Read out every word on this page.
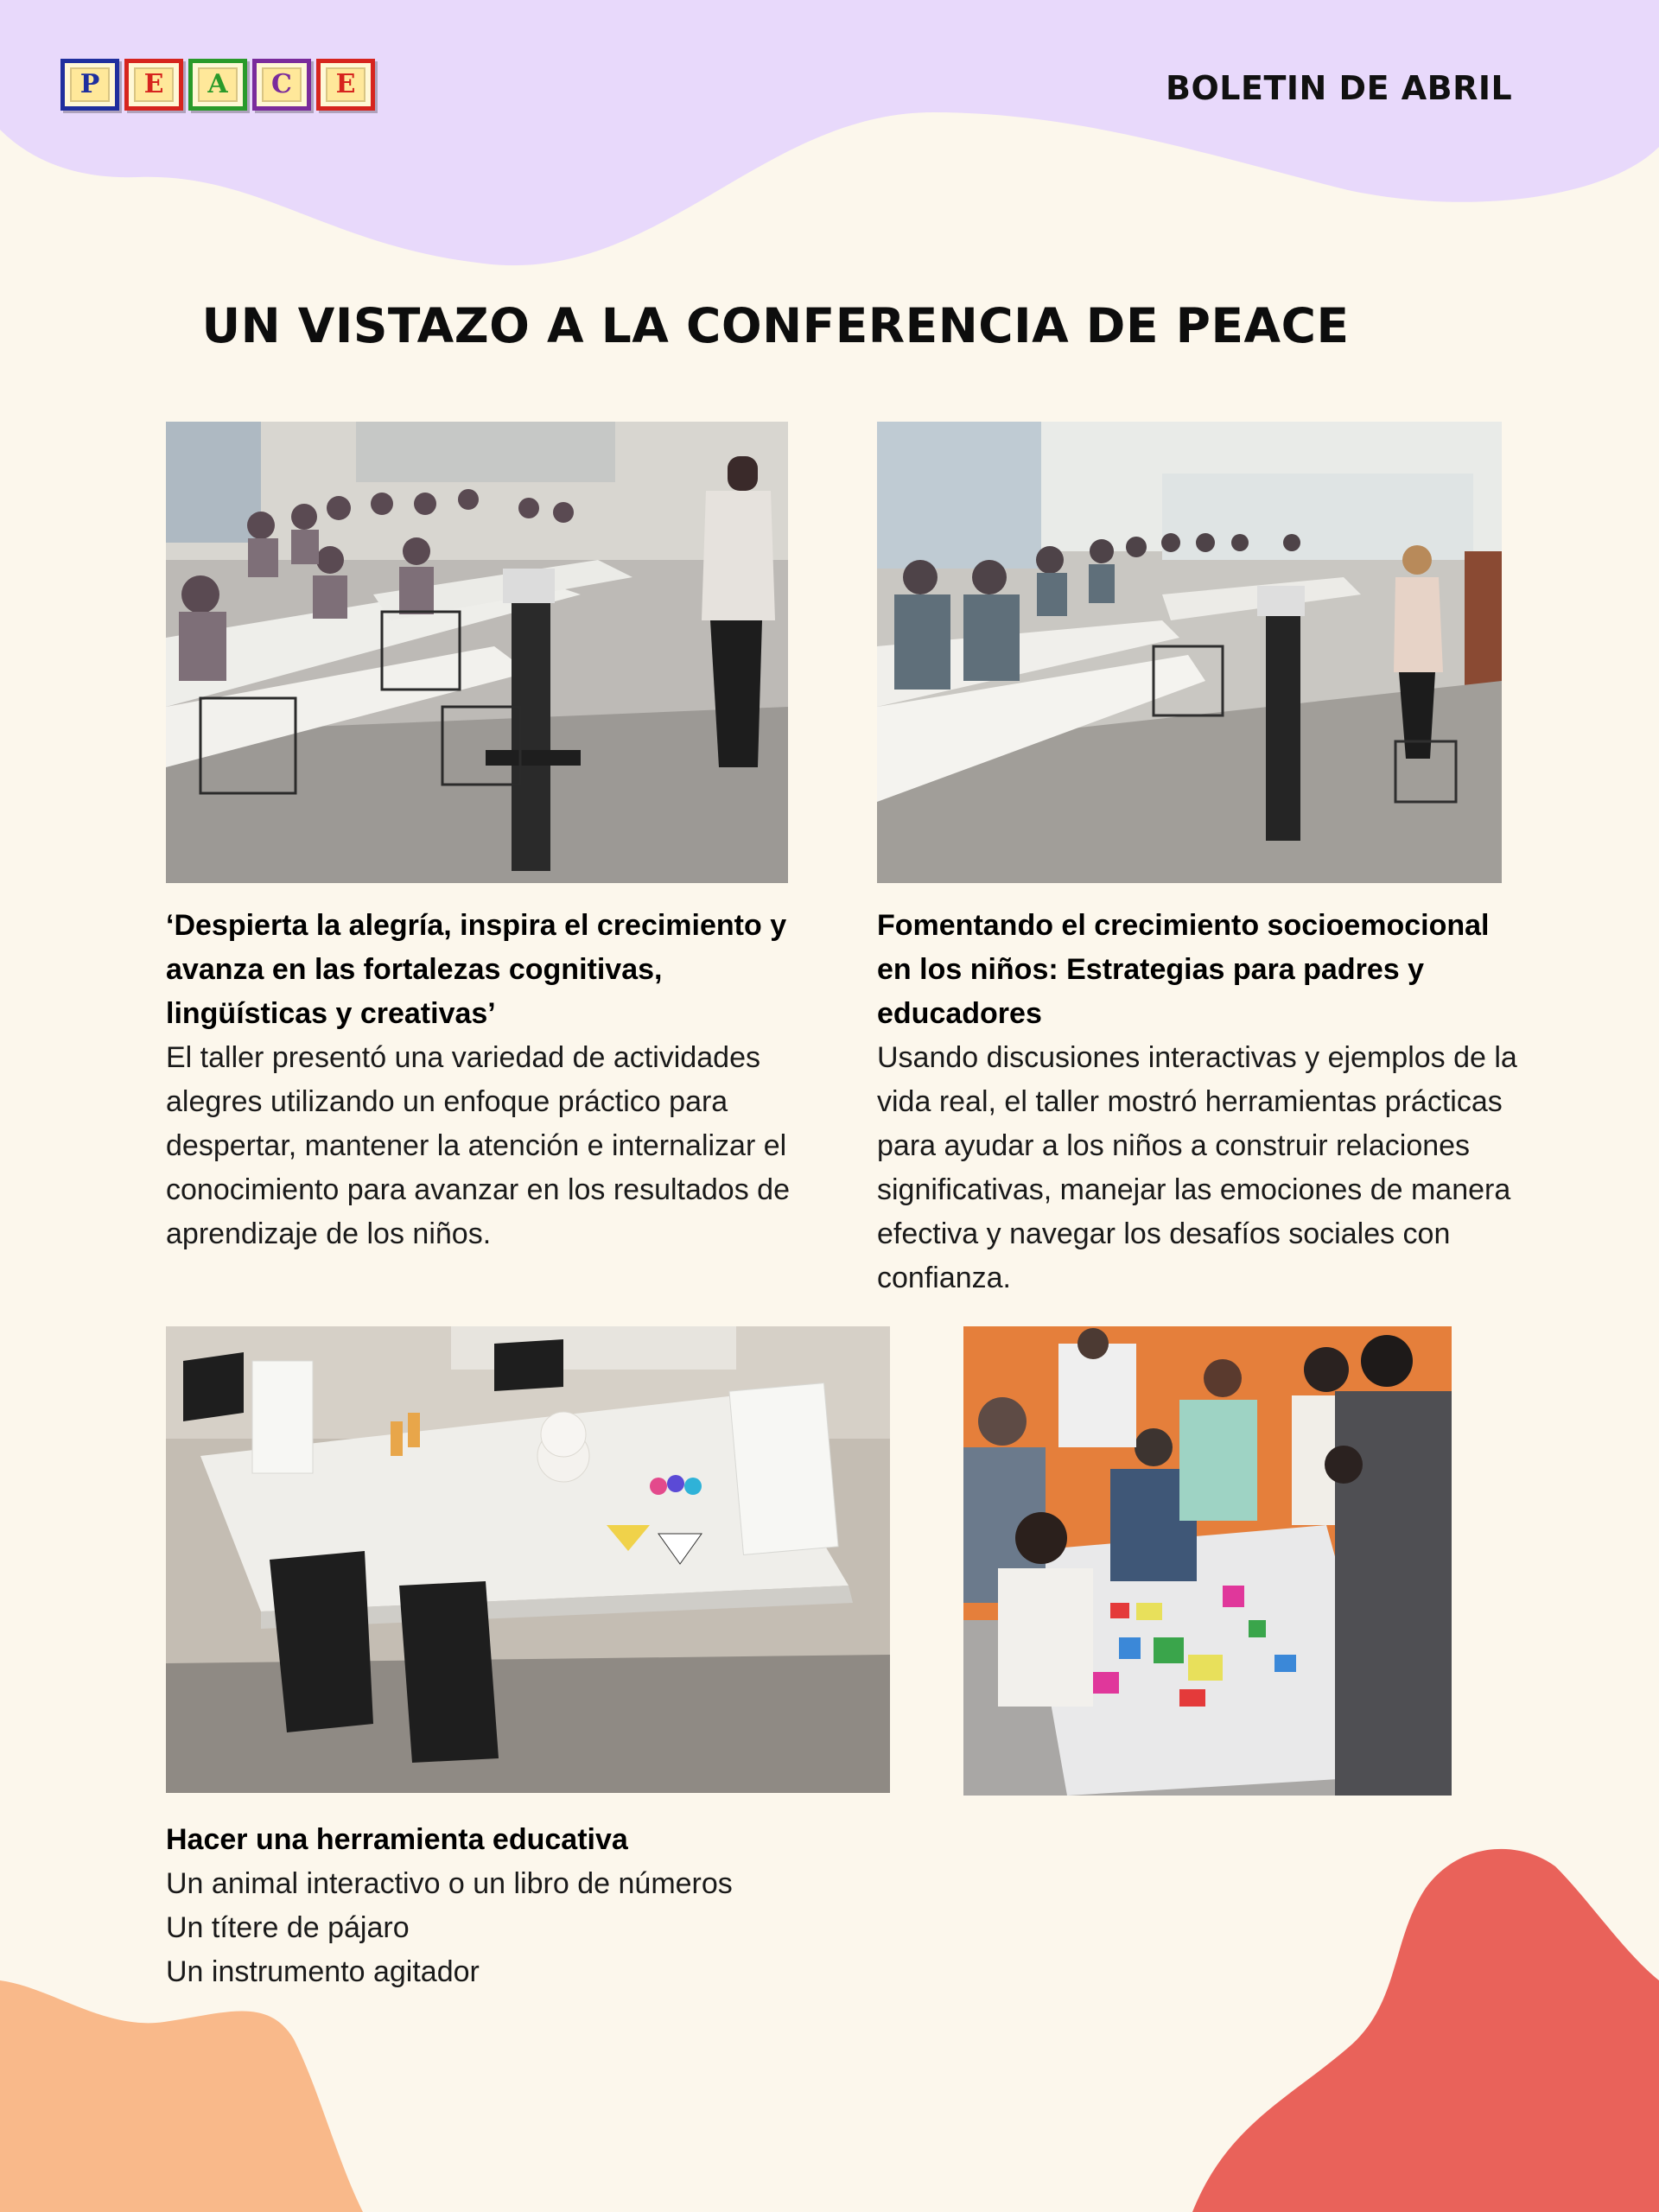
P	E	A	C	E	BOLETIN DE ABRIL
UN VISTAZO A LA CONFERENCIA DE PEACE
‘Despierta la alegría, inspira el crecimiento y avanza en las fortalezas cognitivas, lingüísticas y creativas’

El taller presentó una variedad de actividades alegres utilizando un enfoque práctico para despertar, mantener la atención e internalizar el conocimiento para avanzar en los resultados de aprendizaje de los niños.

Fomentando el crecimiento socioemocional en los niños: Estrategias para padres y educadores

Usando discusiones interactivas y ejemplos de la vida real, el taller mostró herramientas prácticas para ayudar a los niños a construir relaciones significativas, manejar las emociones de manera efectiva y navegar los desafíos sociales con confianza.

Hacer una herramienta educativa

Un animal interactivo o un libro de números

Un títere de pájaro

Un instrumento agitador
